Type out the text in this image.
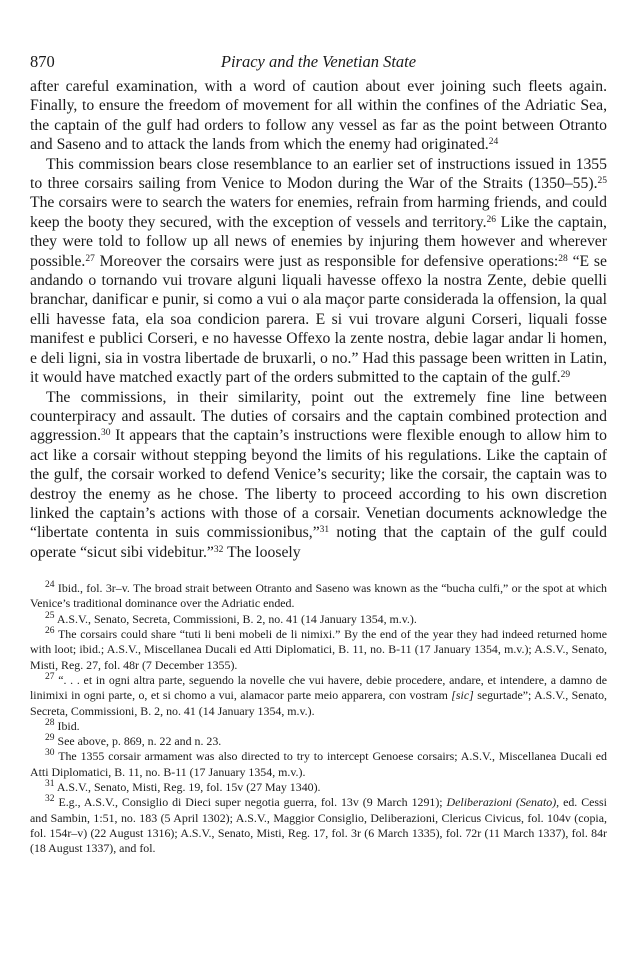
870	Piracy and the Venetian State

after careful examination, with a word of caution about ever joining such fleets again. Finally, to ensure the freedom of movement for all within the confines of the Adriatic Sea, the captain of the gulf had orders to follow any vessel as far as the point between Otranto and Saseno and to attack the lands from which the enemy had originated.$^{24}$

This commission bears close resemblance to an earlier set of instructions issued in 1355 to three corsairs sailing from Venice to Modon during the War of the Straits (1350–55).$^{25}$ The corsairs were to search the waters for enemies, refrain from harming friends, and could keep the booty they secured, with the exception of vessels and territory.$^{26}$ Like the captain, they were told to follow up all news of enemies by injuring them however and wherever possible.$^{27}$ Moreover the corsairs were just as responsible for defensive operations:$^{28}$ “E se andando o tornando vui trovare alguni liquali havesse offexo la nostra Zente, debie quelli branchar, danificar e punir, si como a vui o ala maçor parte considerada la offension, la qual elli havesse fata, ela soa condicion parera. E si vui trovare alguni Corseri, liquali fosse manifest e publici Corseri, e no havesse Offexo la zente nostra, debie lagar andar li homen, e deli ligni, sia in vostra libertade de bruxarli, o no.” Had this passage been written in Latin, it would have matched exactly part of the orders submitted to the captain of the gulf.$^{29}$

The commissions, in their similarity, point out the extremely fine line between counterpiracy and assault. The duties of corsairs and the captain combined protection and aggression.$^{30}$ It appears that the captain’s instructions were flexible enough to allow him to act like a corsair without stepping beyond the limits of his regulations. Like the captain of the gulf, the corsair worked to defend Venice’s security; like the corsair, the captain was to destroy the enemy as he chose. The liberty to proceed according to his own discretion linked the captain’s actions with those of a corsair. Venetian documents acknowledge the “libertate contenta in suis commissionibus,”$^{31}$ noting that the captain of the gulf could operate “sicut sibi videbitur.”$^{32}$ The loosely

$^{24}$ Ibid., fol. 3r–v. The broad strait between Otranto and Saseno was known as the “bucha culfi,” or the spot at which Venice’s traditional dominance over the Adriatic ended.

$^{25}$ A.S.V., Senato, Secreta, Commissioni, B. 2, no. 41 (14 January 1354, m.v.).

$^{26}$ The corsairs could share “tuti li beni mobeli de li nimixi.” By the end of the year they had indeed returned home with loot; ibid.; A.S.V., Miscellanea Ducali ed Atti Diplomatici, B. 11, no. B-11 (17 January 1354, m.v.); A.S.V., Senato, Misti, Reg. 27, fol. 48r (7 December 1355).

$^{27}$ “. . . et in ogni altra parte, seguendo la novelle che vui havere, debie procedere, andare, et intendere, a damno de linimixi in ogni parte, o, et si chomo a vui, alamacor parte meio apparera, con vostram [sic] segurtade”; A.S.V., Senato, Secreta, Commissioni, B. 2, no. 41 (14 January 1354, m.v.).

$^{28}$ Ibid.

$^{29}$ See above, p. 869, n. 22 and n. 23.

$^{30}$ The 1355 corsair armament was also directed to try to intercept Genoese corsairs; A.S.V., Miscellanea Ducali ed Atti Diplomatici, B. 11, no. B-11 (17 January 1354, m.v.).

$^{31}$ A.S.V., Senato, Misti, Reg. 19, fol. 15v (27 May 1340).

$^{32}$ E.g., A.S.V., Consiglio di Dieci super negotia guerra, fol. 13v (9 March 1291); Deliberazioni (Senato), ed. Cessi and Sambin, 1:51, no. 183 (5 April 1302); A.S.V., Maggior Consiglio, Deliberazioni, Clericus Civicus, fol. 104v (copia, fol. 154r–v) (22 August 1316); A.S.V., Senato, Misti, Reg. 17, fol. 3r (6 March 1335), fol. 72r (11 March 1337), fol. 84r (18 August 1337), and fol.
